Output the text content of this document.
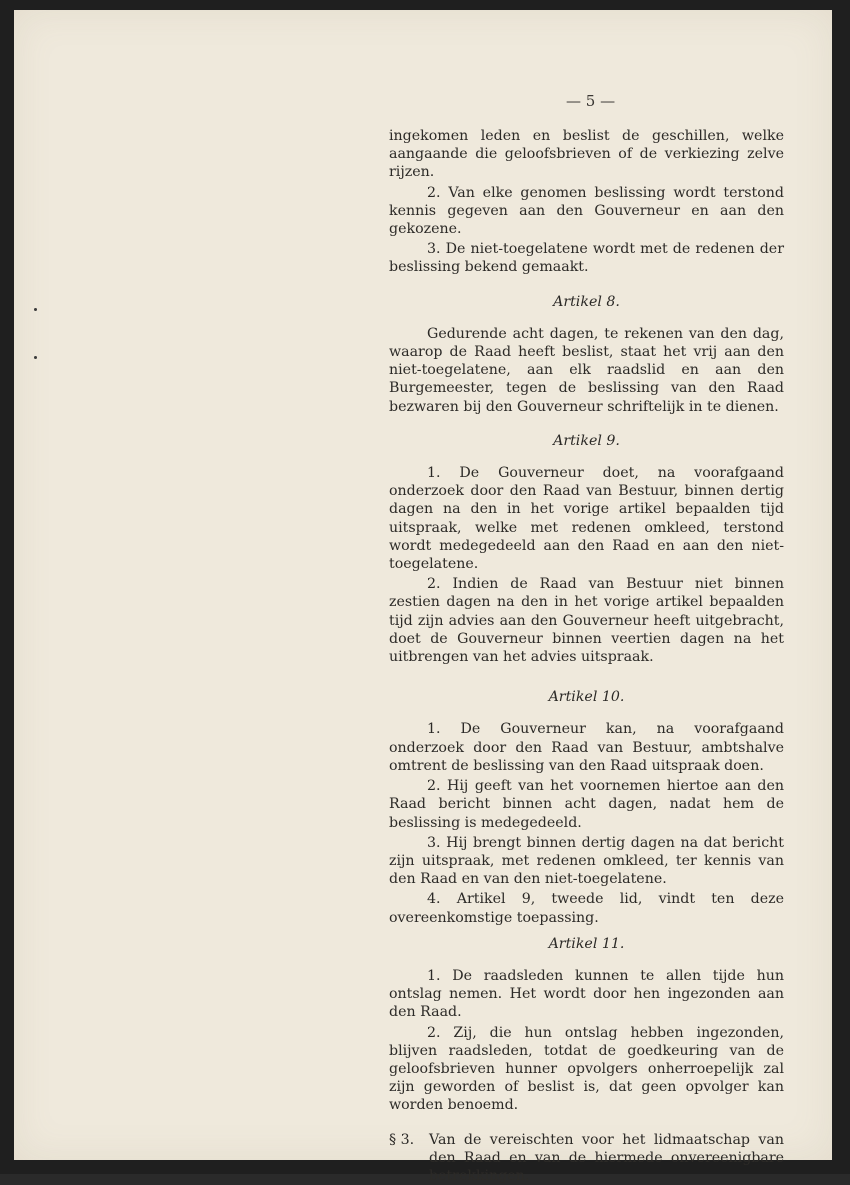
— 5 —

ingekomen leden en beslist de geschillen, welke aangaande die geloofsbrieven of de verkiezing zelve rijzen.

2. Van elke genomen beslissing wordt terstond kennis gegeven aan den Gouverneur en aan den gekozene.

3. De niet-toegelatene wordt met de redenen der beslissing bekend gemaakt.

Artikel 8.

Gedurende acht dagen, te rekenen van den dag, waarop de Raad heeft beslist, staat het vrij aan den niet-toegelatene, aan elk raadslid en aan den Burgemeester, tegen de beslissing van den Raad bezwaren bij den Gouverneur schriftelijk in te dienen.

Artikel 9.

1. De Gouverneur doet, na voorafgaand onderzoek door den Raad van Bestuur, binnen dertig dagen na den in het vorige artikel bepaalden tijd uitspraak, welke met redenen omkleed, terstond wordt medegedeeld aan den Raad en aan den niet-toegelatene.

2. Indien de Raad van Bestuur niet binnen zestien dagen na den in het vorige artikel bepaalden tijd zijn advies aan den Gouverneur heeft uitgebracht, doet de Gouverneur binnen veertien dagen na het uitbrengen van het advies uitspraak.

Artikel 10.

1. De Gouverneur kan, na voorafgaand onderzoek door den Raad van Bestuur, ambtshalve omtrent de beslissing van den Raad uitspraak doen.

2. Hij geeft van het voornemen hiertoe aan den Raad bericht binnen acht dagen, nadat hem de beslissing is medegedeeld.

3. Hij brengt binnen dertig dagen na dat bericht zijn uitspraak, met redenen omkleed, ter kennis van den Raad en van den niet-toegelatene.

4. Artikel 9, tweede lid, vindt ten deze overeenkomstige toepassing.

Artikel 11.

1. De raadsleden kunnen te allen tijde hun ontslag nemen. Het wordt door hen ingezonden aan den Raad.

2. Zij, die hun ontslag hebben ingezonden, blijven raadsleden, totdat de goedkeuring van de geloofsbrieven hunner opvolgers onherroepelijk zal zijn geworden of beslist is, dat geen opvolger kan worden benoemd.

§ 3.	Van de vereischten voor het lidmaatschap van den Raad en van de hiermede onvereenigbare betrekkingen.
